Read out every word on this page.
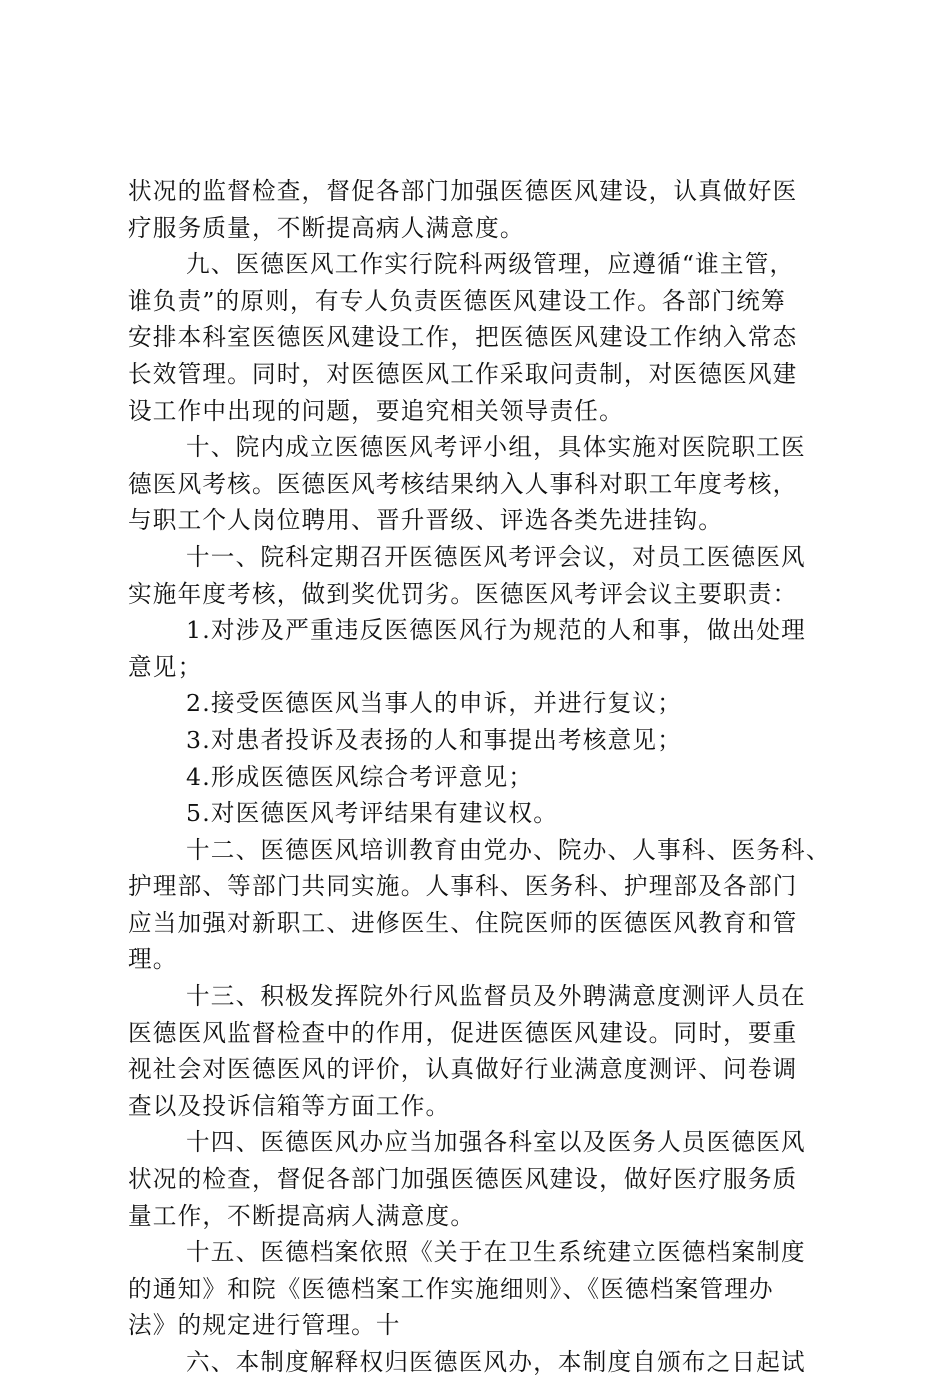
状况的监督检查，督促各部门加强医德医风建设，认真做好医
疗服务质量，不断提高病人满意度。
九、医德医风工作实行院科两级管理，应遵循“谁主管，
谁负责”的原则，有专人负责医德医风建设工作。各部门统筹
安排本科室医德医风建设工作，把医德医风建设工作纳入常态
长效管理。同时，对医德医风工作采取问责制，对医德医风建
设工作中出现的问题，要追究相关领导责任。
十、院内成立医德医风考评小组，具体实施对医院职工医
德医风考核。医德医风考核结果纳入人事科对职工年度考核，
与职工个人岗位聘用、晋升晋级、评选各类先进挂钩。
十一、院科定期召开医德医风考评会议，对员工医德医风
实施年度考核，做到奖优罚劣。医德医风考评会议主要职责：
1.对涉及严重违反医德医风行为规范的人和事，做出处理
意见；
2.接受医德医风当事人的申诉，并进行复议；
3.对患者投诉及表扬的人和事提出考核意见；
4.形成医德医风综合考评意见；
5.对医德医风考评结果有建议权。
十二、医德医风培训教育由党办、院办、人事科、医务科、
护理部、等部门共同实施。人事科、医务科、护理部及各部门
应当加强对新职工、进修医生、住院医师的医德医风教育和管
理。
十三、积极发挥院外行风监督员及外聘满意度测评人员在
医德医风监督检查中的作用，促进医德医风建设。同时，要重
视社会对医德医风的评价，认真做好行业满意度测评、问卷调
查以及投诉信箱等方面工作。
十四、医德医风办应当加强各科室以及医务人员医德医风
状况的检查，督促各部门加强医德医风建设，做好医疗服务质
量工作，不断提高病人满意度。
十五、医德档案依照《关于在卫生系统建立医德档案制度
的通知》和院《医德档案工作实施细则》、《医德档案管理办
法》的规定进行管理。十
六、本制度解释权归医德医风办，本制度自颁布之日起试
